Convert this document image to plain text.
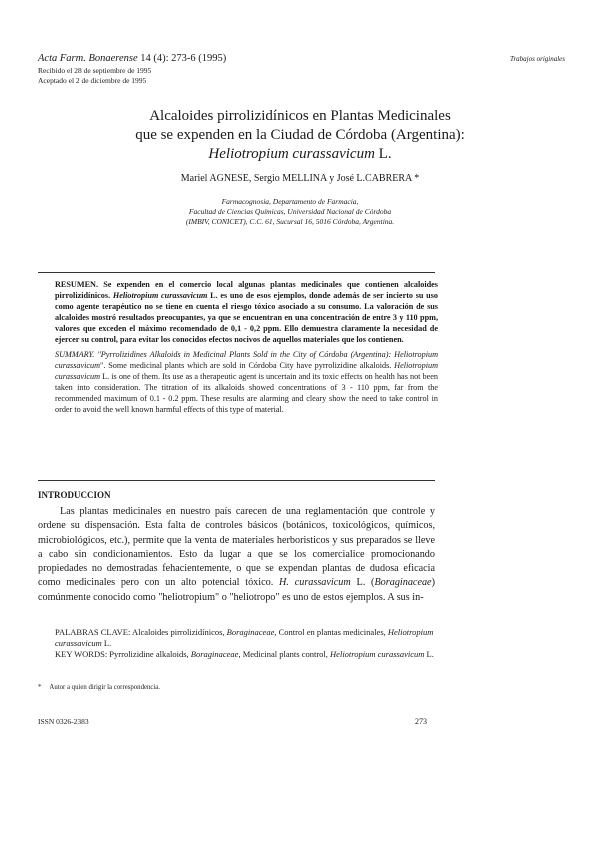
Acta Farm. Bonaerense 14 (4): 273-6 (1995)	Trabajos originales
Recibido el 28 de septiembre de 1995
Aceptado el 2 de diciembre de 1995
Alcaloides pirrolizidínicos en Plantas Medicinales
que se expenden en la Ciudad de Córdoba (Argentina):
Heliotropium curassavicum L.
Mariel AGNESE, Sergio MELLINA y José L.CABRERA *
Farmacognosia, Departamento de Farmacia,
Facultad de Ciencias Químicas, Universidad Nacional de Córdoba
(IMBIV, CONICET), C.C. 61, Sucursal 16, 5016 Córdoba, Argentina.

RESUMEN. Se expenden en el comercio local algunas plantas medicinales que contienen alcaloides pirrolizidínicos. Heliotropium curassavicum L. es uno de esos ejemplos, donde además de ser incierto su uso como agente terapéutico no se tiene en cuenta el riesgo tóxico asociado a su consumo. La valoración de sus alcaloides mostró resultados preocupantes, ya que se encuentran en una concentración de entre 3 y 110 ppm, valores que exceden el máximo recomendado de 0,1 - 0,2 ppm. Ello demuestra claramente la necesidad de ejercer su control, para evitar los conocidos efectos nocivos de aquellos materiales que los contienen.

SUMMARY. "Pyrrolizidines Alkaloids in Medicinal Plants Sold in the City of Córdoba (Argentina): Heliotropium curassavicum". Some medicinal plants which are sold in Córdoba City have pyrrolizidine alkaloids. Heliotropium curassavicum L. is one of them. Its use as a therapeutic agent is uncertain and its toxic effects on health has not been taken into consideration. The titration of its alkaloids showed concentrations of 3 - 110 ppm, far from the recommended maximum of 0.1 - 0.2 ppm. These results are alarming and cleary show the need to take control in order to avoid the well known harmful effects of this type of material.

INTRODUCCION

Las plantas medicinales en nuestro país carecen de una reglamentación que controle y ordene su dispensación. Esta falta de controles básicos (botánicos, toxicológicos, químicos, microbiológicos, etc.), permite que la venta de materiales herboristicos y sus preparados se lleve a cabo sin condicionamientos. Esto da lugar a que se los comercialice promocionando propiedades no demostradas fehacientemente, o que se expendan plantas de dudosa eficacia como medicinales pero con un alto potencial tóxico. H. curassavicum L. (Boraginaceae) comúnmente conocido como "heliotropium" o "heliotropo" es uno de estos ejemplos. A sus in-

PALABRAS CLAVE: Alcaloides pirrolizidínicos, Boraginaceae, Control en plantas medicinales, Heliotropium curassavicum L.

KEY WORDS: Pyrrolizidine alkaloids, Boraginaceae, Medicinal plants control, Heliotropium curassavicum L.

* Autor a quien dirigir la correspondencia.
ISSN 0326-2383	273
